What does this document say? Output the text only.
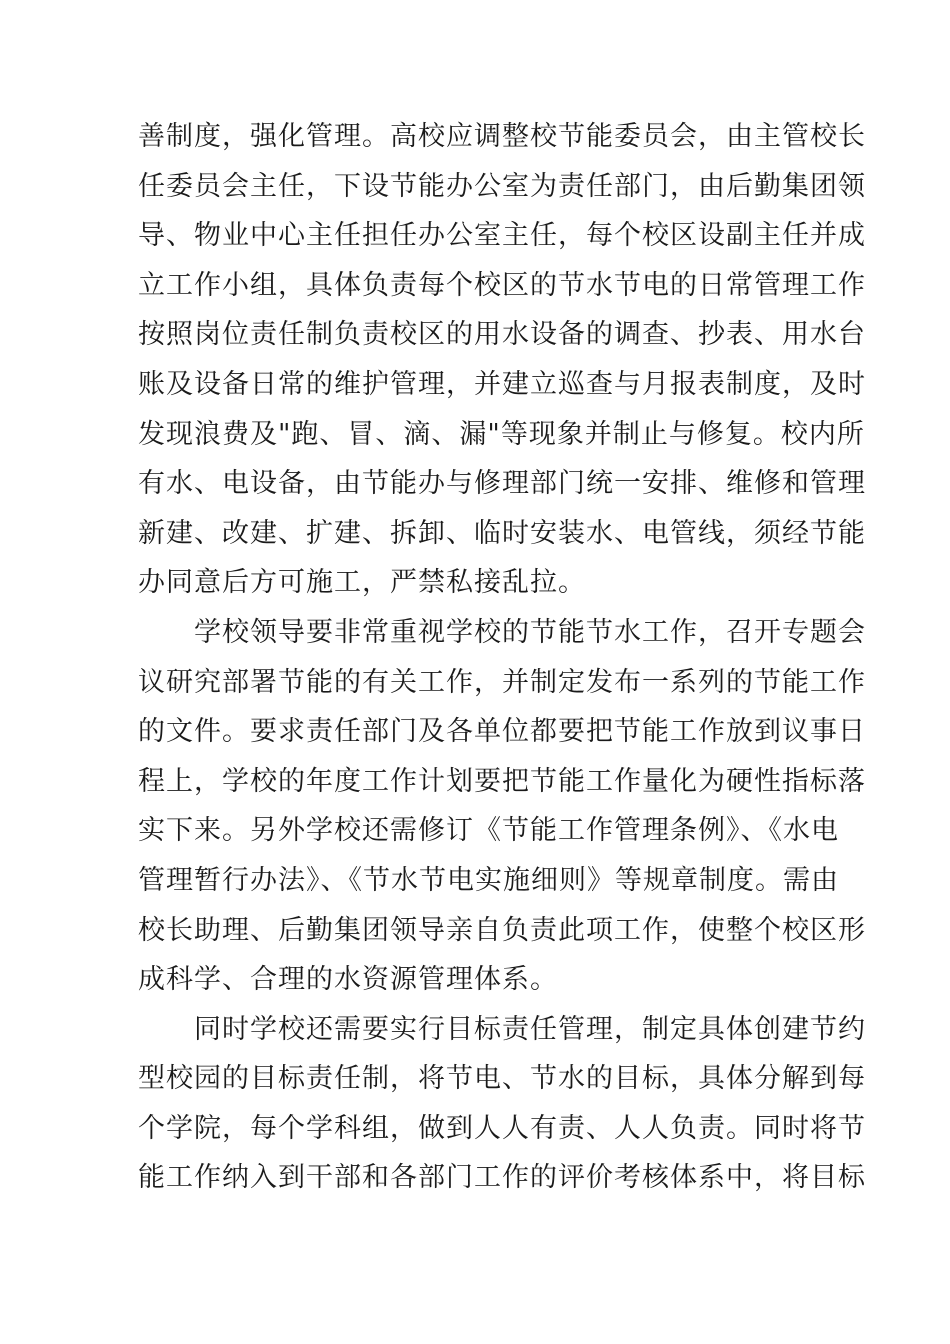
善制度，强化管理。高校应调整校节能委员会，由主管校长
任委员会主任，下设节能办公室为责任部门，由后勤集团领
导、物业中心主任担任办公室主任，每个校区设副主任并成
立工作小组，具体负责每个校区的节水节电的日常管理工作
按照岗位责任制负责校区的用水设备的调查、抄表、用水台
账及设备日常的维护管理，并建立巡查与月报表制度，及时
发现浪费及"跑、冒、滴、漏"等现象并制止与修复。校内所
有水、电设备，由节能办与修理部门统一安排、维修和管理
新建、改建、扩建、拆卸、临时安装水、电管线，须经节能
办同意后方可施工，严禁私接乱拉。
　　学校领导要非常重视学校的节能节水工作，召开专题会
议研究部署节能的有关工作，并制定发布一系列的节能工作
的文件。要求责任部门及各单位都要把节能工作放到议事日
程上，学校的年度工作计划要把节能工作量化为硬性指标落
实下来。另外学校还需修订《节能工作管理条例》、《水电
管理暂行办法》、《节水节电实施细则》等规章制度。需由
校长助理、后勤集团领导亲自负责此项工作，使整个校区形
成科学、合理的水资源管理体系。
　　同时学校还需要实行目标责任管理，制定具体创建节约
型校园的目标责任制，将节电、节水的目标，具体分解到每
个学院，每个学科组，做到人人有责、人人负责。同时将节
能工作纳入到干部和各部门工作的评价考核体系中，将目标
